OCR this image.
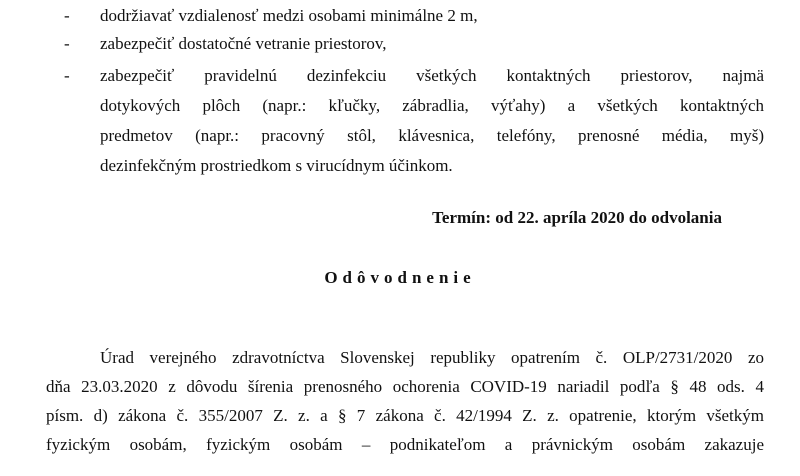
- dodržiavať vzdialenosť medzi osobami minimálne 2 m,
- zabezpečiť dostatočné vetranie priestorov,
- zabezpečiť pravidelnú dezinfekciu všetkých kontaktných priestorov, najmä
dotykových plôch (napr.: kľučky, zábradlia, výťahy) a všetkých kontaktných
predmetov (napr.: pracovný stôl, klávesnica, telefóny, prenosné média, myš)
dezinfekčným prostriedkom s virucídnym účinkom.
Termín: od 22. apríla 2020 do odvolania
Odôvodnenie
Úrad verejného zdravotníctva Slovenskej republiky opatrením č. OLP/2731/2020 zo
dňa 23.03.2020 z dôvodu šírenia prenosného ochorenia COVID-19 nariadil podľa § 48 ods. 4
písm. d) zákona č. 355/2007 Z. z. a § 7 zákona č. 42/1994 Z. z. opatrenie, ktorým všetkým
fyzickým osobám, fyzickým osobám – podnikateľom a právnickým osobám zakazuje
